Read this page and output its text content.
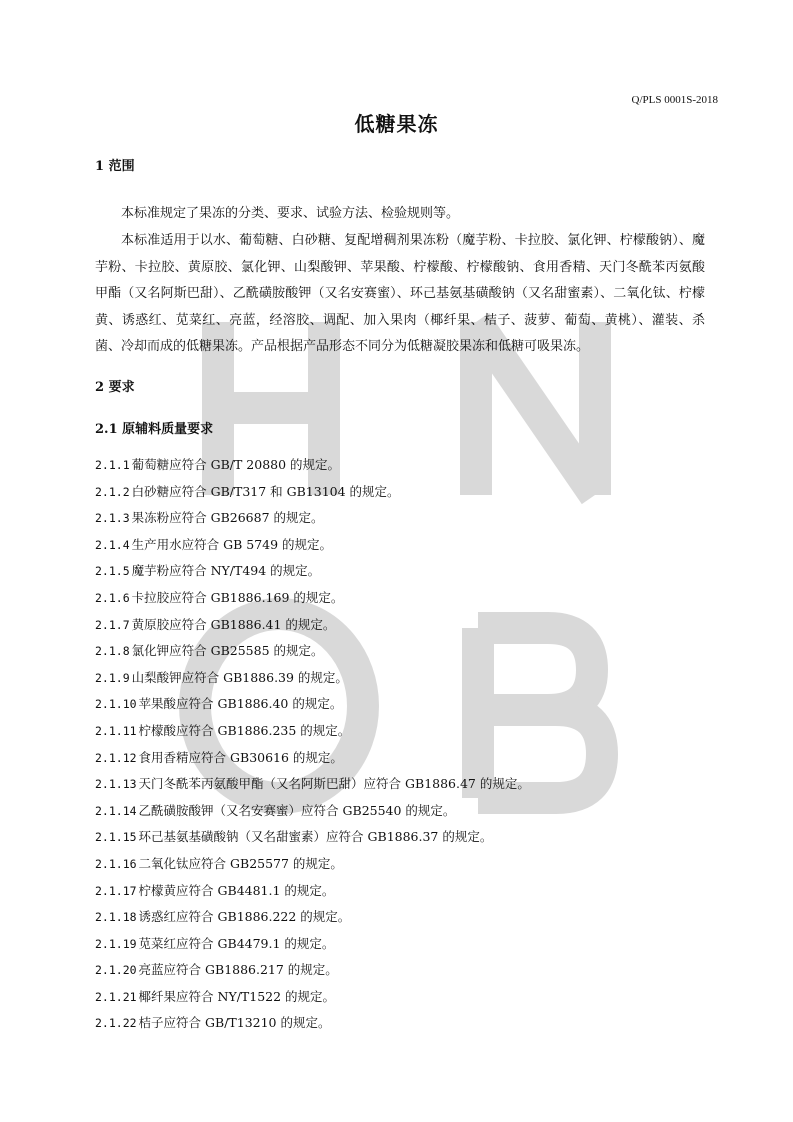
Q/PLS 0001S-2018
低糖果冻
1 范围

本标准规定了果冻的分类、要求、试验方法、检验规则等。

本标准适用于以水、葡萄糖、白砂糖、复配增稠剂果冻粉（魔芋粉、卡拉胶、氯化钾、柠檬酸钠）、魔芋粉、卡拉胶、黄原胶、氯化钾、山梨酸钾、苹果酸、柠檬酸、柠檬酸钠、食用香精、天门冬酰苯丙氨酸甲酯（又名阿斯巴甜）、乙酰磺胺酸钾（又名安赛蜜）、环己基氨基磺酸钠（又名甜蜜素）、二氧化钛、柠檬黄、诱惑红、苋菜红、亮蓝，经溶胶、调配、加入果肉（椰纤果、桔子、菠萝、葡萄、黄桃）、灌装、杀菌、冷却而成的低糖果冻。产品根据产品形态不同分为低糖凝胶果冻和低糖可吸果冻。

2 要求
2.1 原辅料质量要求
2.1.1 葡萄糖应符合 GB/T 20880 的规定。
2.1.2 白砂糖应符合 GB/T317 和 GB13104 的规定。
2.1.3 果冻粉应符合 GB26687 的规定。
2.1.4 生产用水应符合 GB 5749 的规定。
2.1.5 魔芋粉应符合 NY/T494 的规定。
2.1.6 卡拉胶应符合 GB1886.169 的规定。
2.1.7 黄原胶应符合 GB1886.41 的规定。
2.1.8 氯化钾应符合 GB25585 的规定。
2.1.9 山梨酸钾应符合 GB1886.39 的规定。
2.1.10 苹果酸应符合 GB1886.40 的规定。
2.1.11 柠檬酸应符合 GB1886.235 的规定。
2.1.12 食用香精应符合 GB30616 的规定。
2.1.13 天门冬酰苯丙氨酸甲酯（又名阿斯巴甜）应符合 GB1886.47 的规定。
2.1.14 乙酰磺胺酸钾（又名安赛蜜）应符合 GB25540 的规定。
2.1.15 环己基氨基磺酸钠（又名甜蜜素）应符合 GB1886.37 的规定。
2.1.16 二氧化钛应符合 GB25577 的规定。
2.1.17 柠檬黄应符合 GB4481.1 的规定。
2.1.18 诱惑红应符合 GB1886.222 的规定。
2.1.19 苋菜红应符合 GB4479.1 的规定。
2.1.20 亮蓝应符合 GB1886.217 的规定。
2.1.21 椰纤果应符合 NY/T1522 的规定。
2.1.22 桔子应符合 GB/T13210 的规定。
